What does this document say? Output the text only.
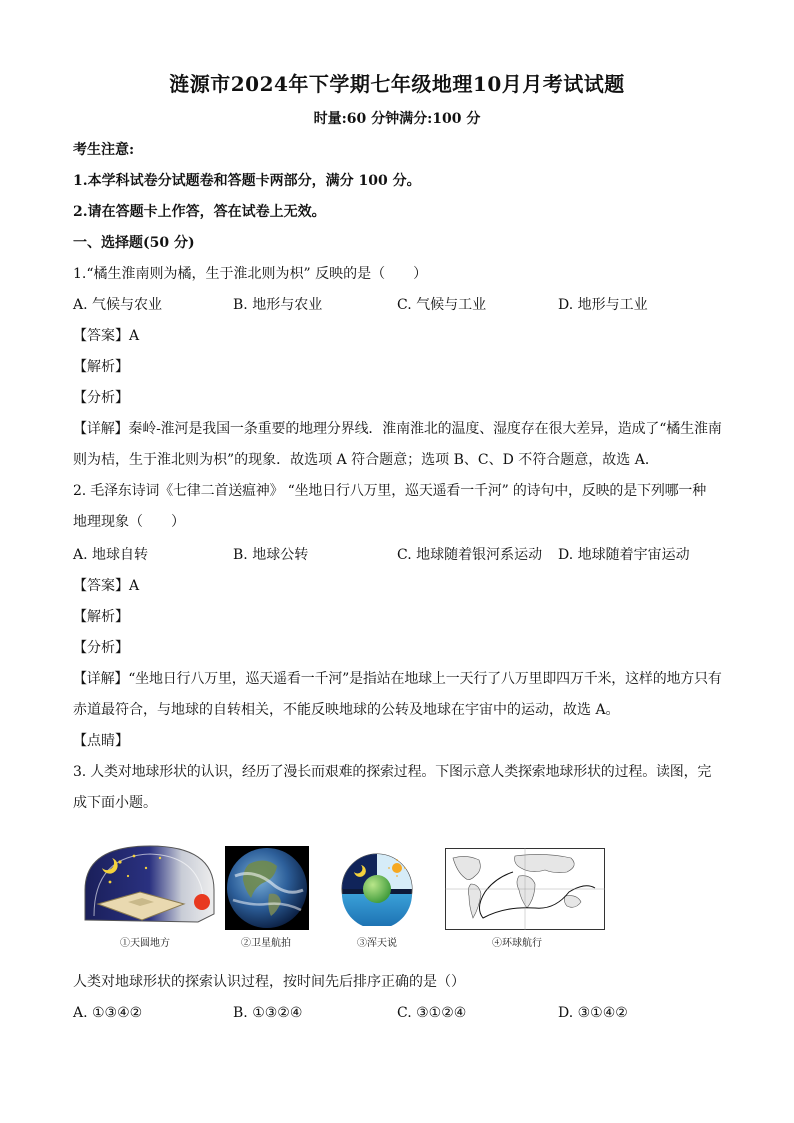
涟源市2024年下学期七年级地理10月月考试试题
时量:60 分钟满分:100 分
考生注意:
1.本学科试卷分试题卷和答题卡两部分，满分 100 分。
2.请在答题卡上作答，答在试卷上无效。
一、选择题(50 分)
1.“橘生淮南则为橘，生于淮北则为枳” 反映的是（　　）
A. 气候与农业	B. 地形与农业	C. 气候与工业	D. 地形与工业
【答案】A
【解析】
【分析】
【详解】秦岭-淮河是我国一条重要的地理分界线．淮南淮北的温度、湿度存在很大差异，造成了“橘生淮南
则为桔，生于淮北则为枳”的现象．故选项 A 符合题意；选项 B、C、D 不符合题意，故选 A．
2. 毛泽东诗词《七律二首送瘟神》 “坐地日行八万里，巡天遥看一千河” 的诗句中，反映的是下列哪一种
地理现象（　　）
A. 地球自转	B. 地球公转	C. 地球随着银河系运动 D. 地球随着宇宙运动
【答案】A
【解析】
【分析】
【详解】“坐地日行八万里，巡天遥看一千河”是指站在地球上一天行了八万里即四万千米，这样的地方只有
赤道最符合，与地球的自转相关，不能反映地球的公转及地球在宇宙中的运动，故选 A。
【点睛】
3. 人类对地球形状的认识，经历了漫长而艰难的探索过程。下图示意人类探索地球形状的过程。读图，完
成下面小题。
①天圆地方	②卫星航拍	③浑天说	④环球航行
人类对地球形状的探索认识过程，按时间先后排序正确的是（）
A. ①③④②	B. ①③②④	C. ③①②④	D. ③①④②
